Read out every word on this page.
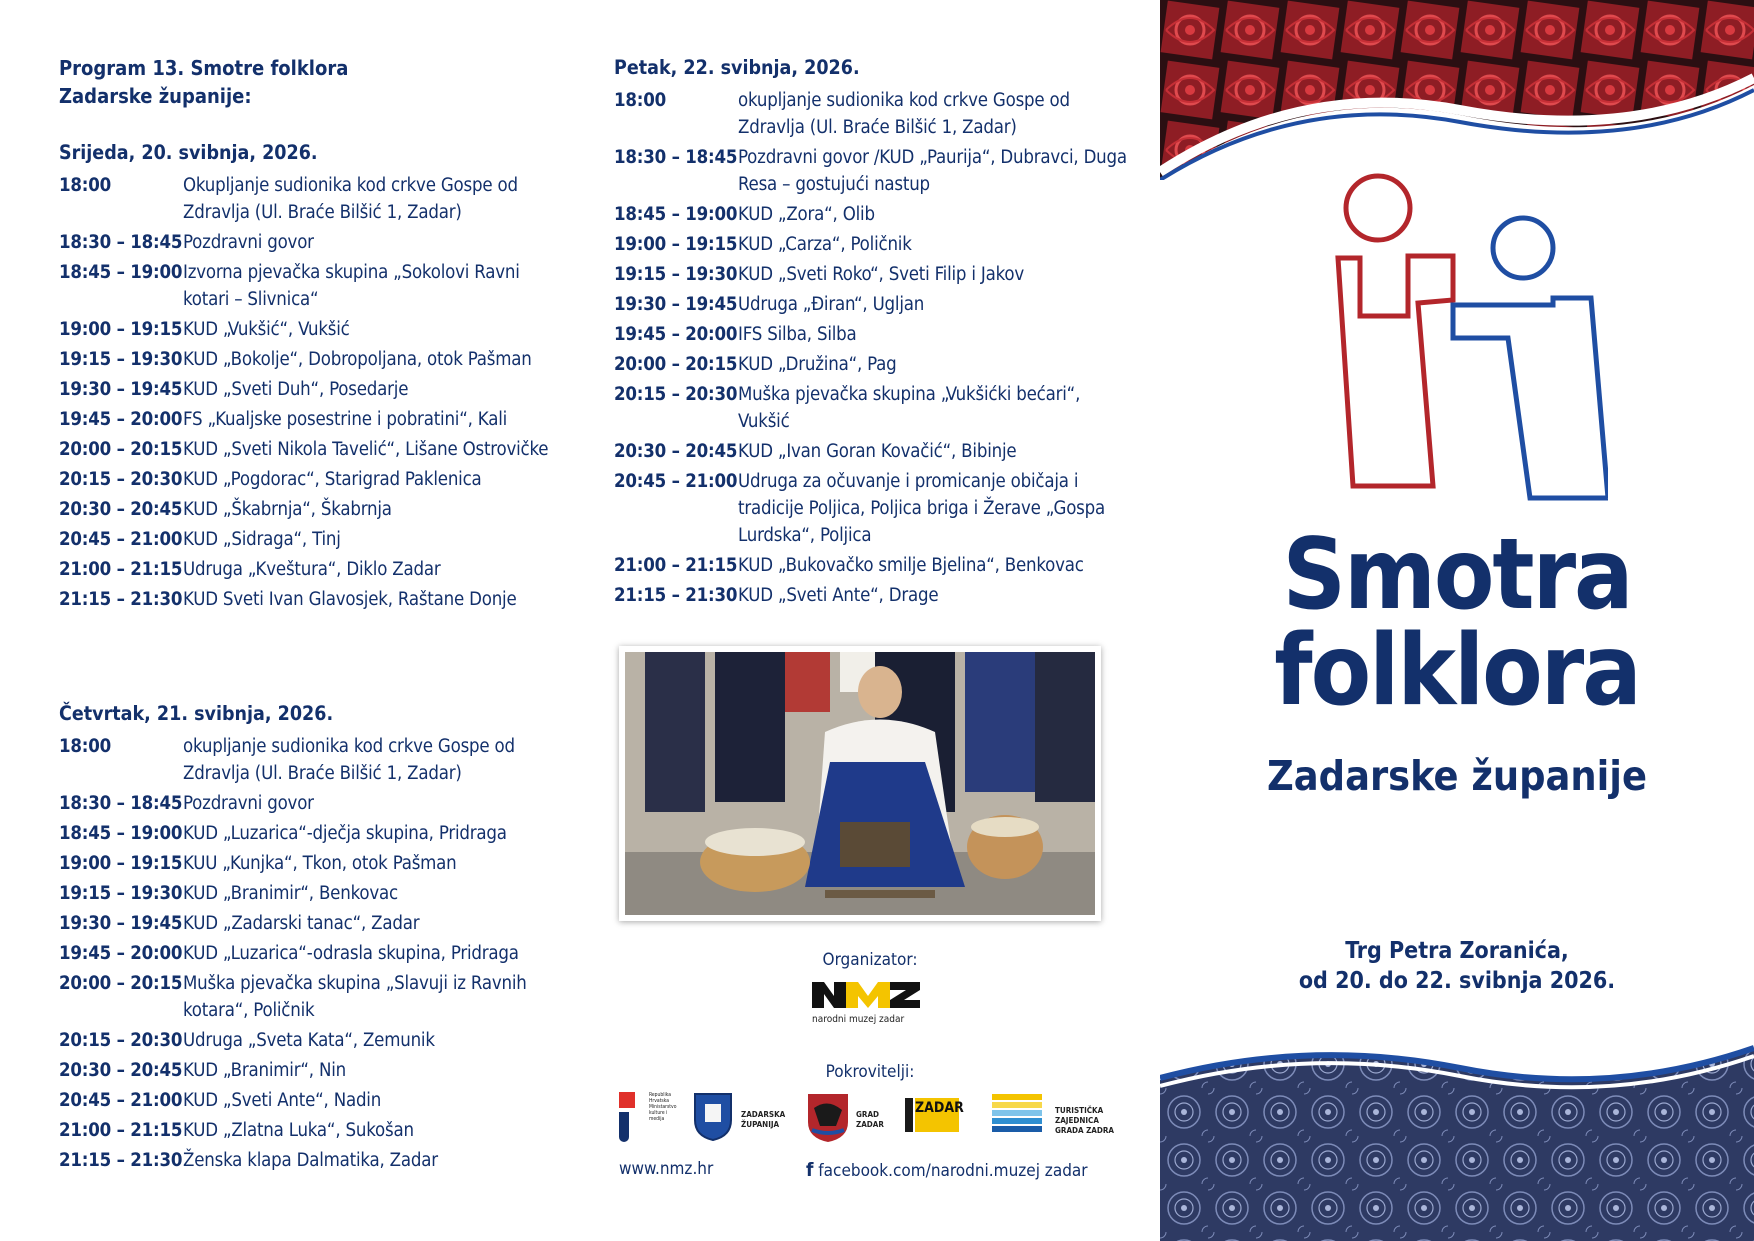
Program 13. Smotre folklora

Zadarske županije:

Srijeda, 20. svibnja, 2026.

18:00	Okupljanje sudionika kod crkve Gospe od Zdravlja (Ul. Braće Bilšić 1, Zadar)
18:30 – 18:45	Pozdravni govor
18:45 – 19:00	Izvorna pjevačka skupina „Sokolovi Ravni kotari – Slivnica“
19:00 – 19:15	KUD „Vukšić“, Vukšić
19:15 – 19:30	KUD „Bokolje“, Dobropoljana, otok Pašman
19:30 – 19:45	KUD „Sveti Duh“, Posedarje
19:45 – 20:00	FS „Kualjske posestrine i pobratini“, Kali
20:00 – 20:15	KUD „Sveti Nikola Tavelić“, Lišane Ostrovičke
20:15 – 20:30	KUD „Pogdorac“, Starigrad Paklenica
20:30 – 20:45	KUD „Škabrnja“, Škabrnja
20:45 – 21:00	KUD „Sidraga“, Tinj
21:00 – 21:15	Udruga „Kveštura“, Diklo Zadar
21:15 – 21:30	KUD Sveti Ivan Glavosjek, Raštane Donje

Četvrtak, 21. svibnja, 2026.

18:00	okupljanje sudionika kod crkve Gospe od Zdravlja (Ul. Braće Bilšić 1, Zadar)
18:30 – 18:45	Pozdravni govor
18:45 – 19:00	KUD „Luzarica“-dječja skupina, Pridraga
19:00 – 19:15	KUU „Kunjka“, Tkon, otok Pašman
19:15 – 19:30	KUD „Branimir“, Benkovac
19:30 – 19:45	KUD „Zadarski tanac“, Zadar
19:45 – 20:00	KUD „Luzarica“-odrasla skupina, Pridraga
20:00 – 20:15	Muška pjevačka skupina „Slavuji iz Ravnih kotara“, Poličnik
20:15 – 20:30	Udruga „Sveta Kata“, Zemunik
20:30 – 20:45	KUD „Branimir“, Nin
20:45 – 21:00	KUD „Sveti Ante“, Nadin
21:00 – 21:15	KUD „Zlatna Luka“, Sukošan
21:15 – 21:30	Ženska klapa Dalmatika, Zadar

Petak, 22. svibnja, 2026.

18:00	okupljanje sudionika kod crkve Gospe od Zdravlja (Ul. Braće Bilšić 1, Zadar)
18:30 – 18:45	Pozdravni govor /KUD „Paurija“, Dubravci, Duga Resa – gostujući nastup
18:45 – 19:00	KUD „Zora“, Olib
19:00 – 19:15	KUD „Carza“, Poličnik
19:15 – 19:30	KUD „Sveti Roko“, Sveti Filip i Jakov
19:30 – 19:45	Udruga „Điran“, Ugljan
19:45 – 20:00	IFS Silba, Silba
20:00 – 20:15	KUD „Družina“, Pag
20:15 – 20:30	Muška pjevačka skupina „Vukšićki bećari“, Vukšić
20:30 – 20:45	KUD „Ivan Goran Kovačić“, Bibinje
20:45 – 21:00	Udruga za očuvanje i promicanje običaja i tradicije Poljica, Poljica briga i Žerave „Gospa Lurdska“, Poljica
21:00 – 21:15	KUD „Bukovačko smilje Bjelina“, Benkovac
21:15 – 21:30	KUD „Sveti Ante“, Drage
Organizator:
narodni muzej zadar
Pokrovitelji:
Republika Hrvatska Ministarstvo kulture i medija	ZADARSKA ŽUPANIJA
GRAD ZADAR
ZADAR	TURISTIČKA ZAJEDNICA GRADA ZADRA
www.nmz.hr	f facebook.com/narodni.muzej zadar
Smotra
folklora
Zadarske županije
Trg Petra Zoranića,
od 20. do 22. svibnja 2026.
